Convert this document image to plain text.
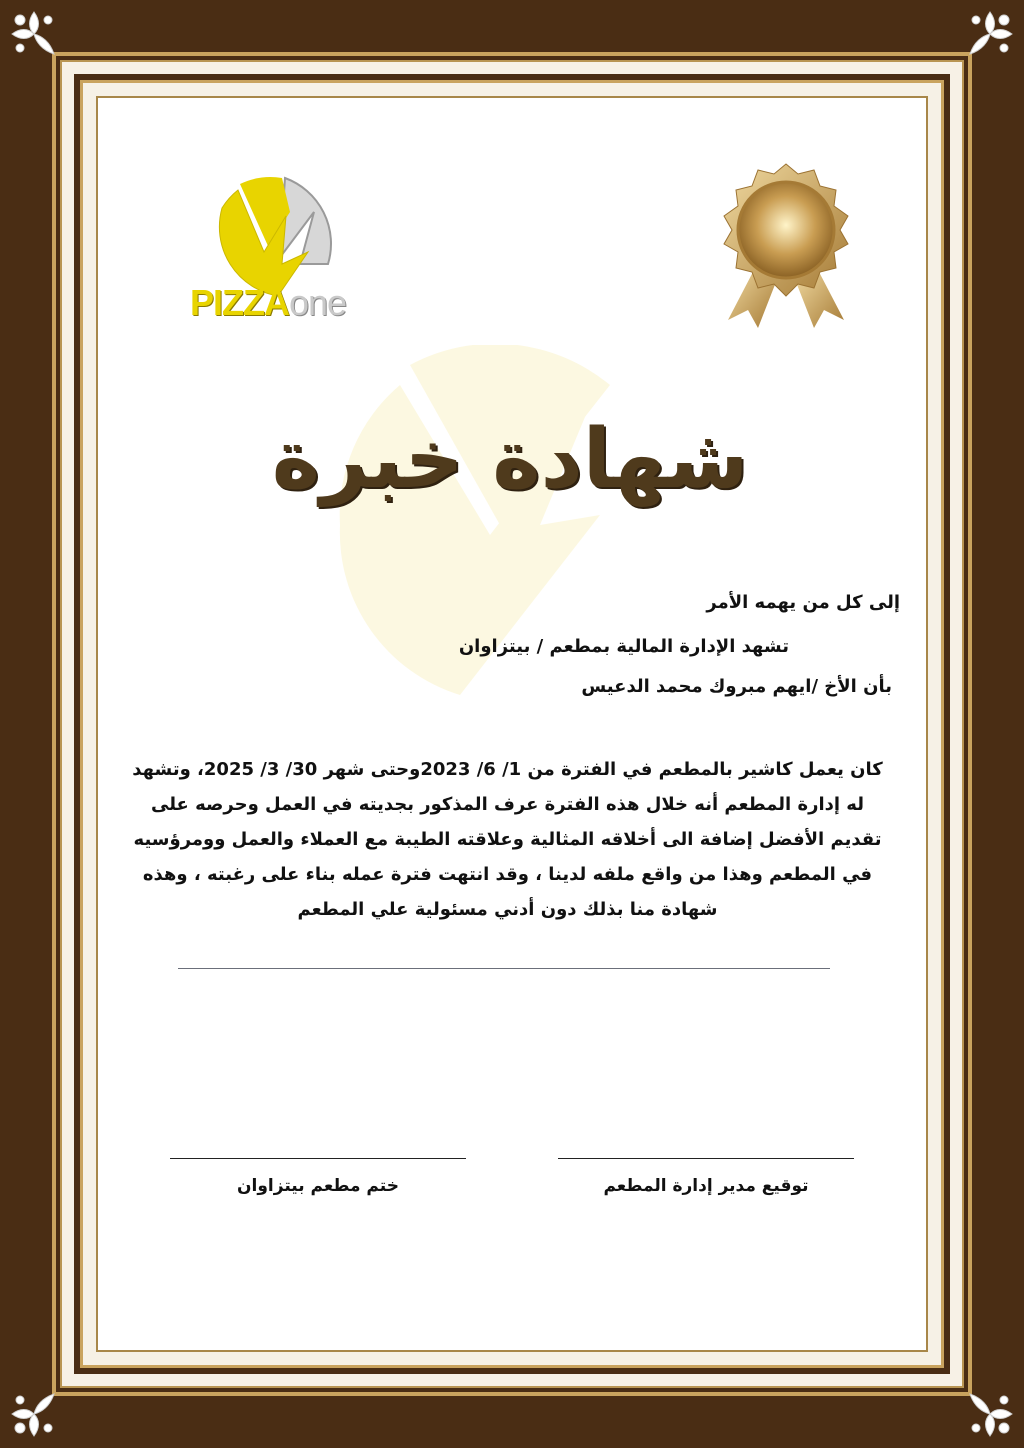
PIZZAone
شهادة خبرة
إلى كل من يهمه الأمر
تشهد الإدارة المالية بمطعم / بيتزاوان
بأن الأخ /ايهم مبروك محمد الدعيس
كان يعمل كاشير بالمطعم في الفترة من 1/ 6/ 2023وحتى شهر 30/ 3/ 2025، وتشهد له إدارة المطعم أنه خلال هذه الفترة عرف المذكور بجديته في العمل وحرصه على تقديم الأفضل إضافة الى أخلاقه المثالية وعلاقته الطيبة مع العملاء والعمل وومرؤسيه في المطعم وهذا من واقع ملفه لدينا ، وقد انتهت فترة عمله بناء على رغبته ، وهذه شهادة منا بذلك دون أدني مسئولية علي المطعم
ختم مطعم بيتزاوان	توقيع مدير إدارة المطعم
